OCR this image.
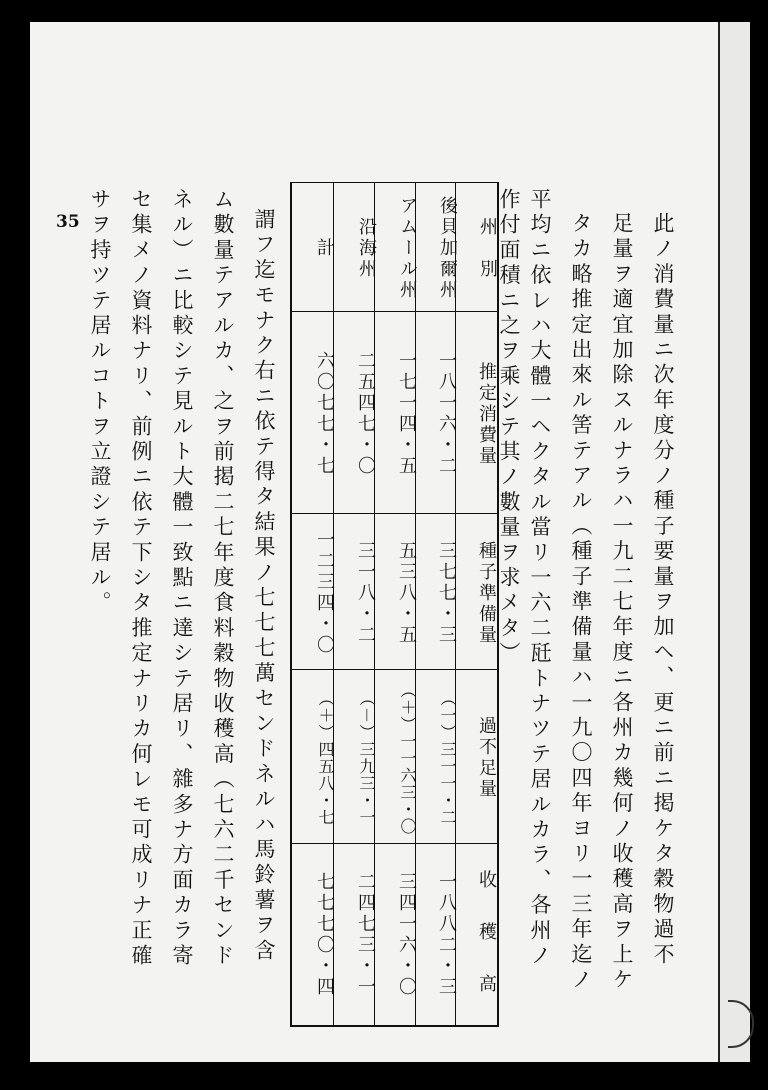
此ノ消費量ニ次年度分ノ種子要量ヲ加ヘ、更ニ前ニ掲ケタ穀物過不
足量ヲ適宜加除スルナラハ一九二七年度ニ各州カ幾何ノ收穫高ヲ上ケ
タカ略推定出來ル筈テアル（種子準備量ハ一九〇四年ヨリ一三年迄ノ
平均ニ依レハ大體一ヘクタル當リ一六二瓩トナツテ居ルカラ、各州ノ
作付面積ニ之ヲ乘シテ其ノ數量ヲ求メタ）
州　別
後貝加爾州
アムール州
沿海州
計
推定消費量
一八一六・二
一七一四・五
二五四七・〇
六〇七七・七
種子準備量
三七七・三
五三八・五
三一八・二
一二三四・〇
過不足量
（一）三一一・二
（＋）一一六三・〇
（－）三九三・一
（＋）四五八・七
收　穫　高
一八八二・三
三四一六・〇
二四七三・一
七七七〇・四
謂フ迄モナク右ニ依テ得タ結果ノ七七七萬センドネルハ馬鈴薯ヲ含
ム數量テアルカ、之ヲ前掲二七年度食料穀物收穫高（七六二千センド
ネル）ニ比較シテ見ルト大體一致點ニ達シテ居リ、雜多ナ方面カラ寄
セ集メノ資料ナリ、前例ニ依テ下シタ推定ナリカ何レモ可成リナ正確
サヲ持ツテ居ルコトヲ立證シテ居ル。
35
